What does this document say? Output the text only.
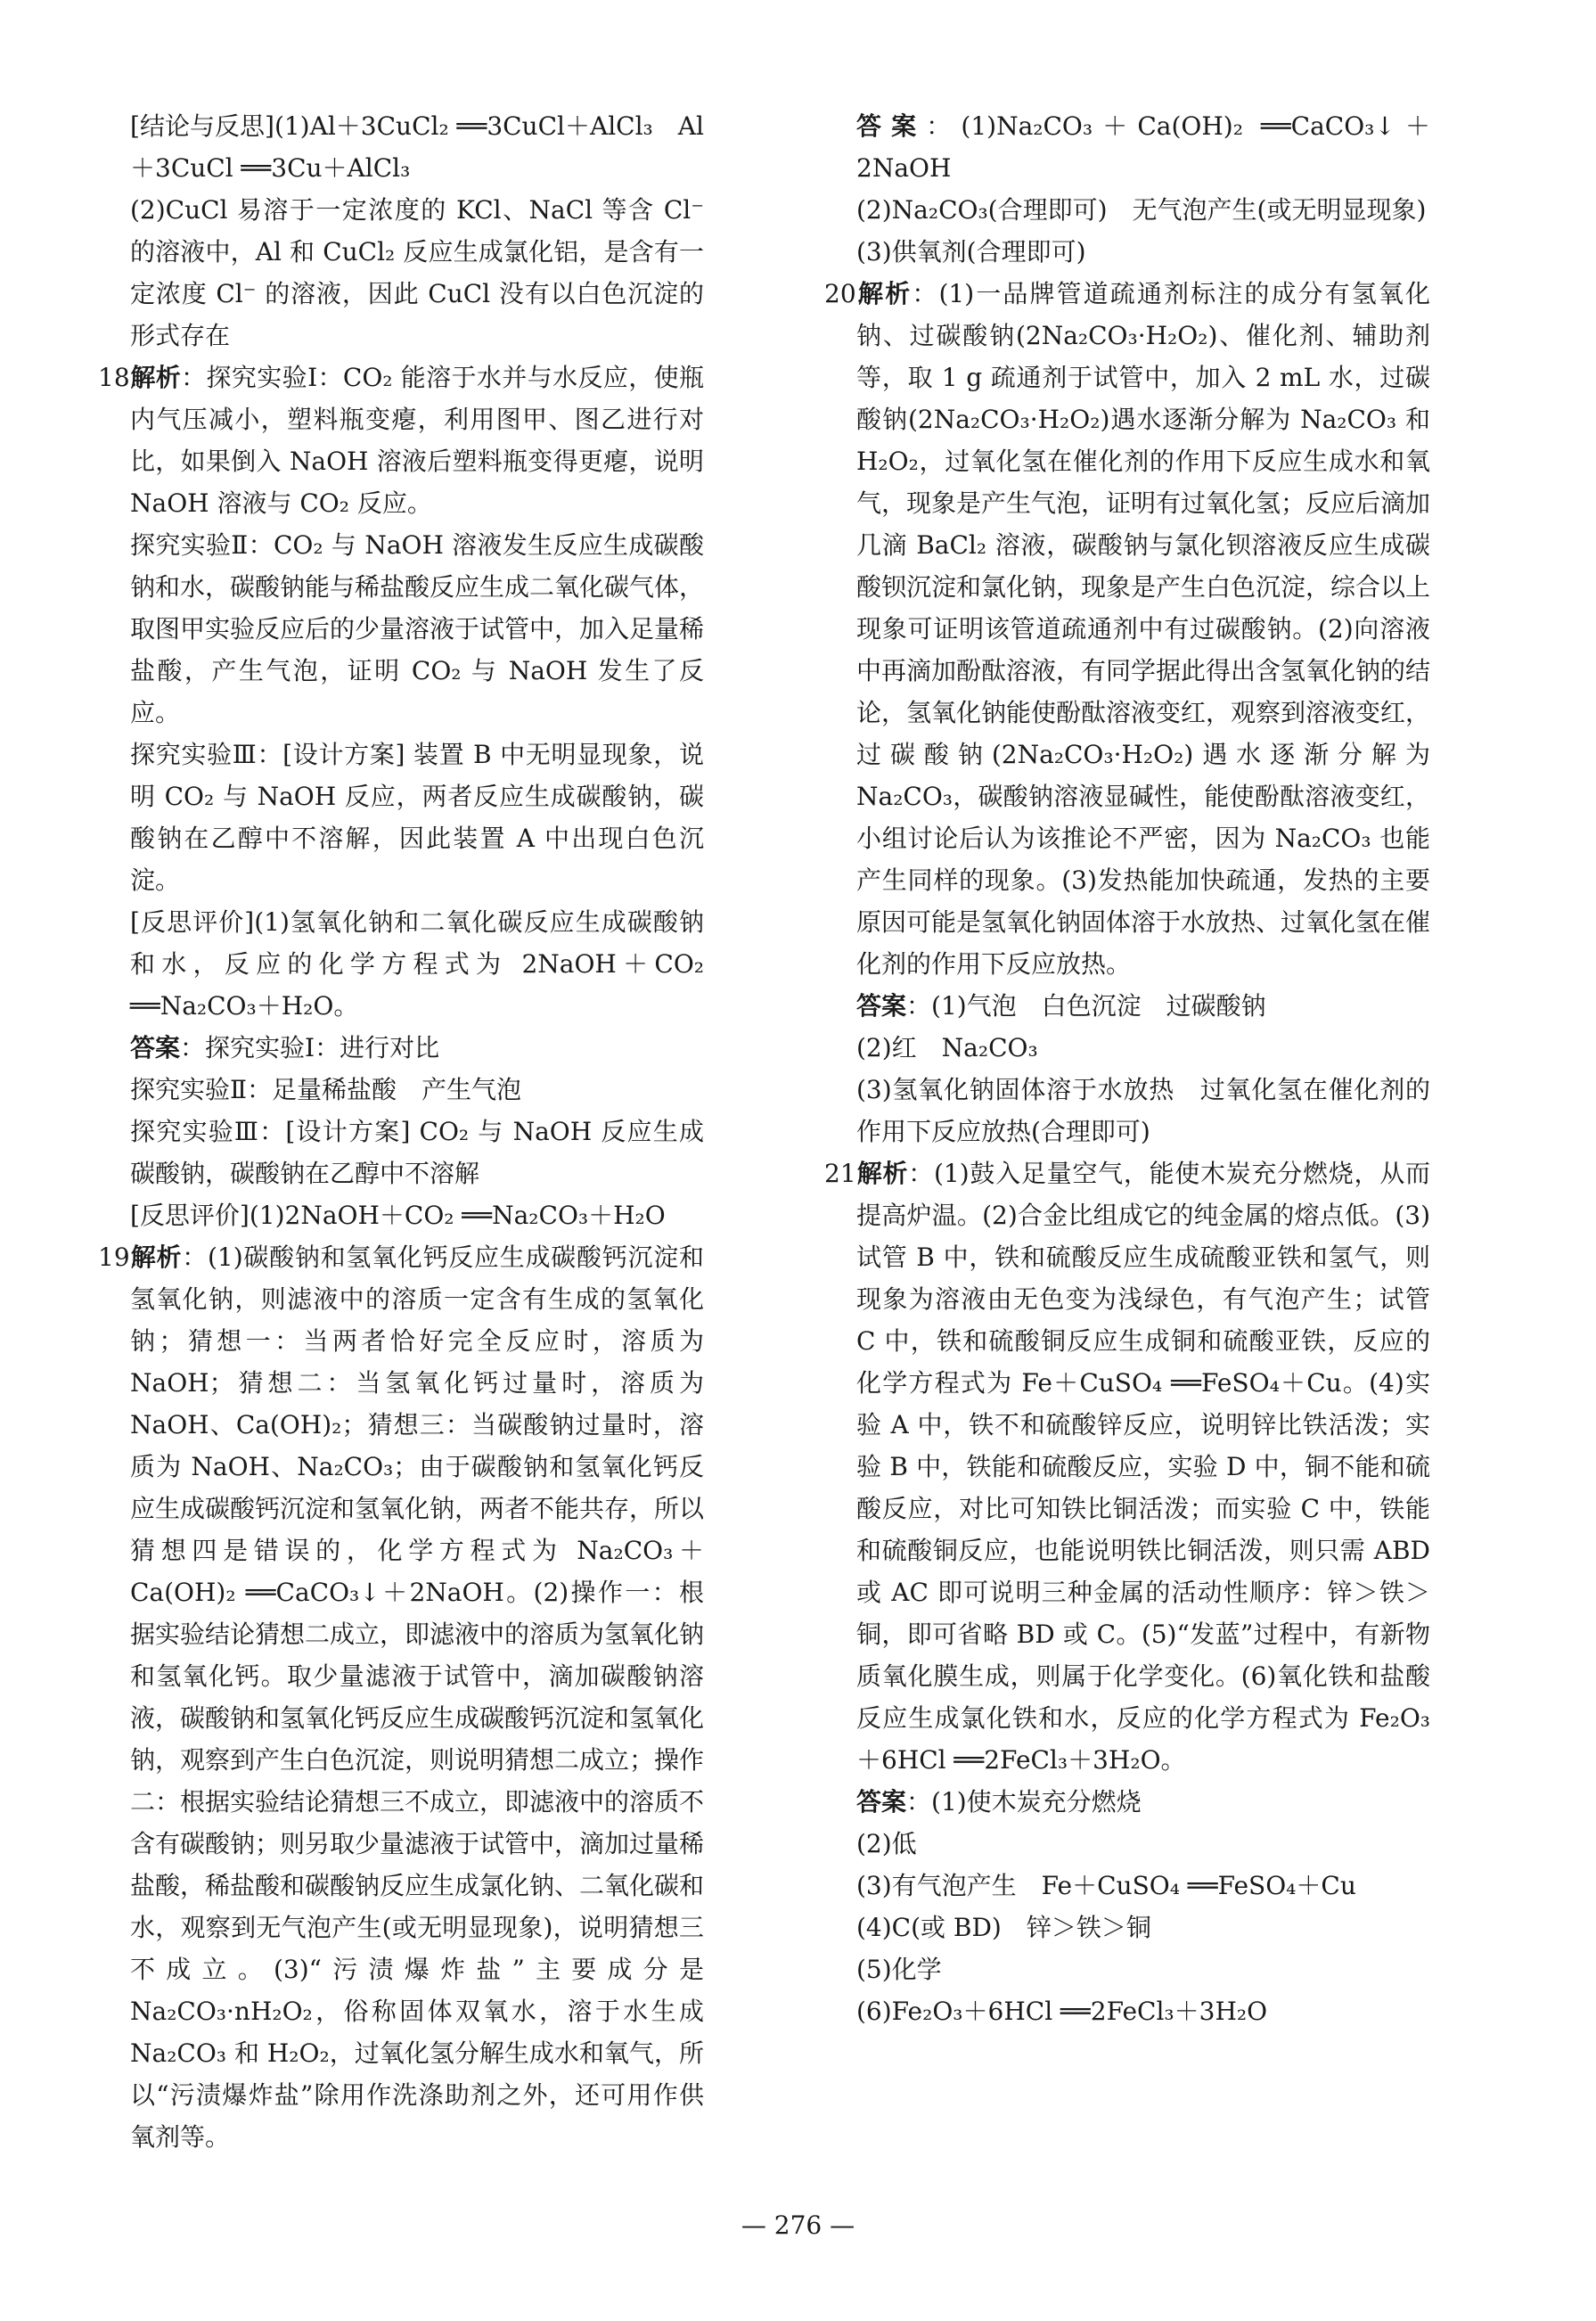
[结论与反思](1)Al＋3CuCl₂ ══3CuCl＋AlCl₃　Al＋3CuCl ══3Cu＋AlCl₃
(2)CuCl 易溶于一定浓度的 KCl、NaCl 等含 Cl⁻ 的溶液中，Al 和 CuCl₂ 反应生成氯化铝，是含有一定浓度 Cl⁻ 的溶液，因此 CuCl 没有以白色沉淀的形式存在
18.解析：探究实验Ⅰ：CO₂ 能溶于水并与水反应，使瓶内气压减小，塑料瓶变瘪，利用图甲、图乙进行对比，如果倒入 NaOH 溶液后塑料瓶变得更瘪，说明 NaOH 溶液与 CO₂ 反应。
探究实验Ⅱ：CO₂ 与 NaOH 溶液发生反应生成碳酸钠和水，碳酸钠能与稀盐酸反应生成二氧化碳气体，取图甲实验反应后的少量溶液于试管中，加入足量稀盐酸，产生气泡，证明 CO₂ 与 NaOH 发生了反应。
探究实验Ⅲ：[设计方案] 装置 B 中无明显现象，说明 CO₂ 与 NaOH 反应，两者反应生成碳酸钠，碳酸钠在乙醇中不溶解，因此装置 A 中出现白色沉淀。
[反思评价](1)氢氧化钠和二氧化碳反应生成碳酸钠和水，反应的化学方程式为 2NaOH＋CO₂ ══Na₂CO₃＋H₂O。
答案：探究实验Ⅰ：进行对比
探究实验Ⅱ：足量稀盐酸　产生气泡
探究实验Ⅲ：[设计方案] CO₂ 与 NaOH 反应生成碳酸钠，碳酸钠在乙醇中不溶解
[反思评价](1)2NaOH＋CO₂ ══Na₂CO₃＋H₂O
19.解析：(1)碳酸钠和氢氧化钙反应生成碳酸钙沉淀和氢氧化钠，则滤液中的溶质一定含有生成的氢氧化钠；猜想一：当两者恰好完全反应时，溶质为 NaOH；猜想二：当氢氧化钙过量时，溶质为 NaOH、Ca(OH)₂；猜想三：当碳酸钠过量时，溶质为 NaOH、Na₂CO₃；由于碳酸钠和氢氧化钙反应生成碳酸钙沉淀和氢氧化钠，两者不能共存，所以猜想四是错误的，化学方程式为 Na₂CO₃＋Ca(OH)₂ ══CaCO₃↓＋2NaOH。(2)操作一：根据实验结论猜想二成立，即滤液中的溶质为氢氧化钠和氢氧化钙。取少量滤液于试管中，滴加碳酸钠溶液，碳酸钠和氢氧化钙反应生成碳酸钙沉淀和氢氧化钠，观察到产生白色沉淀，则说明猜想二成立；操作二：根据实验结论猜想三不成立，即滤液中的溶质不含有碳酸钠；则另取少量滤液于试管中，滴加过量稀盐酸，稀盐酸和碳酸钠反应生成氯化钠、二氧化碳和水，观察到无气泡产生(或无明显现象)，说明猜想三不成立。(3)“污渍爆炸盐”主要成分是 Na₂CO₃·nH₂O₂，俗称固体双氧水，溶于水生成 Na₂CO₃ 和 H₂O₂，过氧化氢分解生成水和氧气，所以“污渍爆炸盐”除用作洗涤助剂之外，还可用作供氧剂等。
答案：(1)Na₂CO₃＋Ca(OH)₂ ══CaCO₃↓＋2NaOH
(2)Na₂CO₃(合理即可)　无气泡产生(或无明显现象)
(3)供氧剂(合理即可)
20.解析：(1)一品牌管道疏通剂标注的成分有氢氧化钠、过碳酸钠(2Na₂CO₃·H₂O₂)、催化剂、辅助剂等，取 1 g 疏通剂于试管中，加入 2 mL 水，过碳酸钠(2Na₂CO₃·H₂O₂)遇水逐渐分解为 Na₂CO₃ 和 H₂O₂，过氧化氢在催化剂的作用下反应生成水和氧气，现象是产生气泡，证明有过氧化氢；反应后滴加几滴 BaCl₂ 溶液，碳酸钠与氯化钡溶液反应生成碳酸钡沉淀和氯化钠，现象是产生白色沉淀，综合以上现象可证明该管道疏通剂中有过碳酸钠。(2)向溶液中再滴加酚酞溶液，有同学据此得出含氢氧化钠的结论，氢氧化钠能使酚酞溶液变红，观察到溶液变红，过碳酸钠(2Na₂CO₃·H₂O₂)遇水逐渐分解为 Na₂CO₃，碳酸钠溶液显碱性，能使酚酞溶液变红，小组讨论后认为该推论不严密，因为 Na₂CO₃ 也能产生同样的现象。(3)发热能加快疏通，发热的主要原因可能是氢氧化钠固体溶于水放热、过氧化氢在催化剂的作用下反应放热。
答案：(1)气泡　白色沉淀　过碳酸钠
(2)红　Na₂CO₃
(3)氢氧化钠固体溶于水放热　过氧化氢在催化剂的作用下反应放热(合理即可)
21.解析：(1)鼓入足量空气，能使木炭充分燃烧，从而提高炉温。(2)合金比组成它的纯金属的熔点低。(3)试管 B 中，铁和硫酸反应生成硫酸亚铁和氢气，则现象为溶液由无色变为浅绿色，有气泡产生；试管 C 中，铁和硫酸铜反应生成铜和硫酸亚铁，反应的化学方程式为 Fe＋CuSO₄ ══FeSO₄＋Cu。(4)实验 A 中，铁不和硫酸锌反应，说明锌比铁活泼；实验 B 中，铁能和硫酸反应，实验 D 中，铜不能和硫酸反应，对比可知铁比铜活泼；而实验 C 中，铁能和硫酸铜反应，也能说明铁比铜活泼，则只需 ABD 或 AC 即可说明三种金属的活动性顺序：锌＞铁＞铜，即可省略 BD 或 C。(5)“发蓝”过程中，有新物质氧化膜生成，则属于化学变化。(6)氧化铁和盐酸反应生成氯化铁和水，反应的化学方程式为 Fe₂O₃＋6HCl ══2FeCl₃＋3H₂O。
答案：(1)使木炭充分燃烧
(2)低
(3)有气泡产生　Fe＋CuSO₄ ══FeSO₄＋Cu
(4)C(或 BD)　锌＞铁＞铜
(5)化学
(6)Fe₂O₃＋6HCl ══2FeCl₃＋3H₂O
— 276 —
